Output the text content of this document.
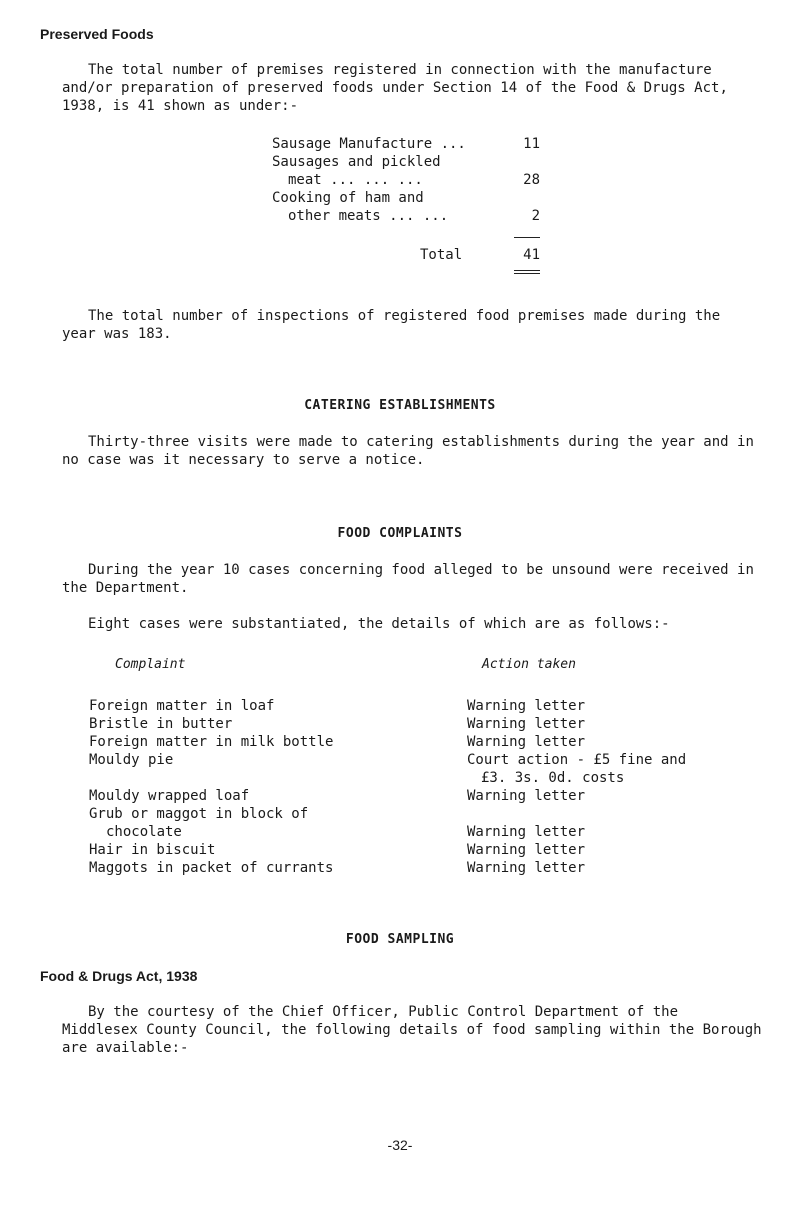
Preserved Foods
The total number of premises registered in connection with the manufacture and/or preparation of preserved foods under Section 14 of the Food & Drugs Act, 1938, is 41 shown as under:-
Sausage Manufacture ...	11
Sausages and pickled
meat ... ... ...	28
Cooking of ham and
other meats ... ...	2
Total	41
The total number of inspections of registered food premises made during the year was 183.
CATERING ESTABLISHMENTS
Thirty-three visits were made to catering establishments during the year and in no case was it necessary to serve a notice.
FOOD COMPLAINTS
During the year 10 cases concerning food alleged to be unsound were received in the Department.
Eight cases were substantiated, the details of which are as follows:-
Complaint	Action taken
Foreign matter in loaf	Warning letter
Bristle in butter	Warning letter
Foreign matter in milk bottle	Warning letter
Mouldy pie	Court action - £5 fine and
£3. 3s. 0d. costs
Mouldy wrapped loaf	Warning letter
Grub or maggot in block of
chocolate	Warning letter
Hair in biscuit	Warning letter
Maggots in packet of currants	Warning letter
FOOD SAMPLING
Food & Drugs Act, 1938
By the courtesy of the Chief Officer, Public Control Department of the Middlesex County Council, the following details of food sampling within the Borough are available:-
-32-
